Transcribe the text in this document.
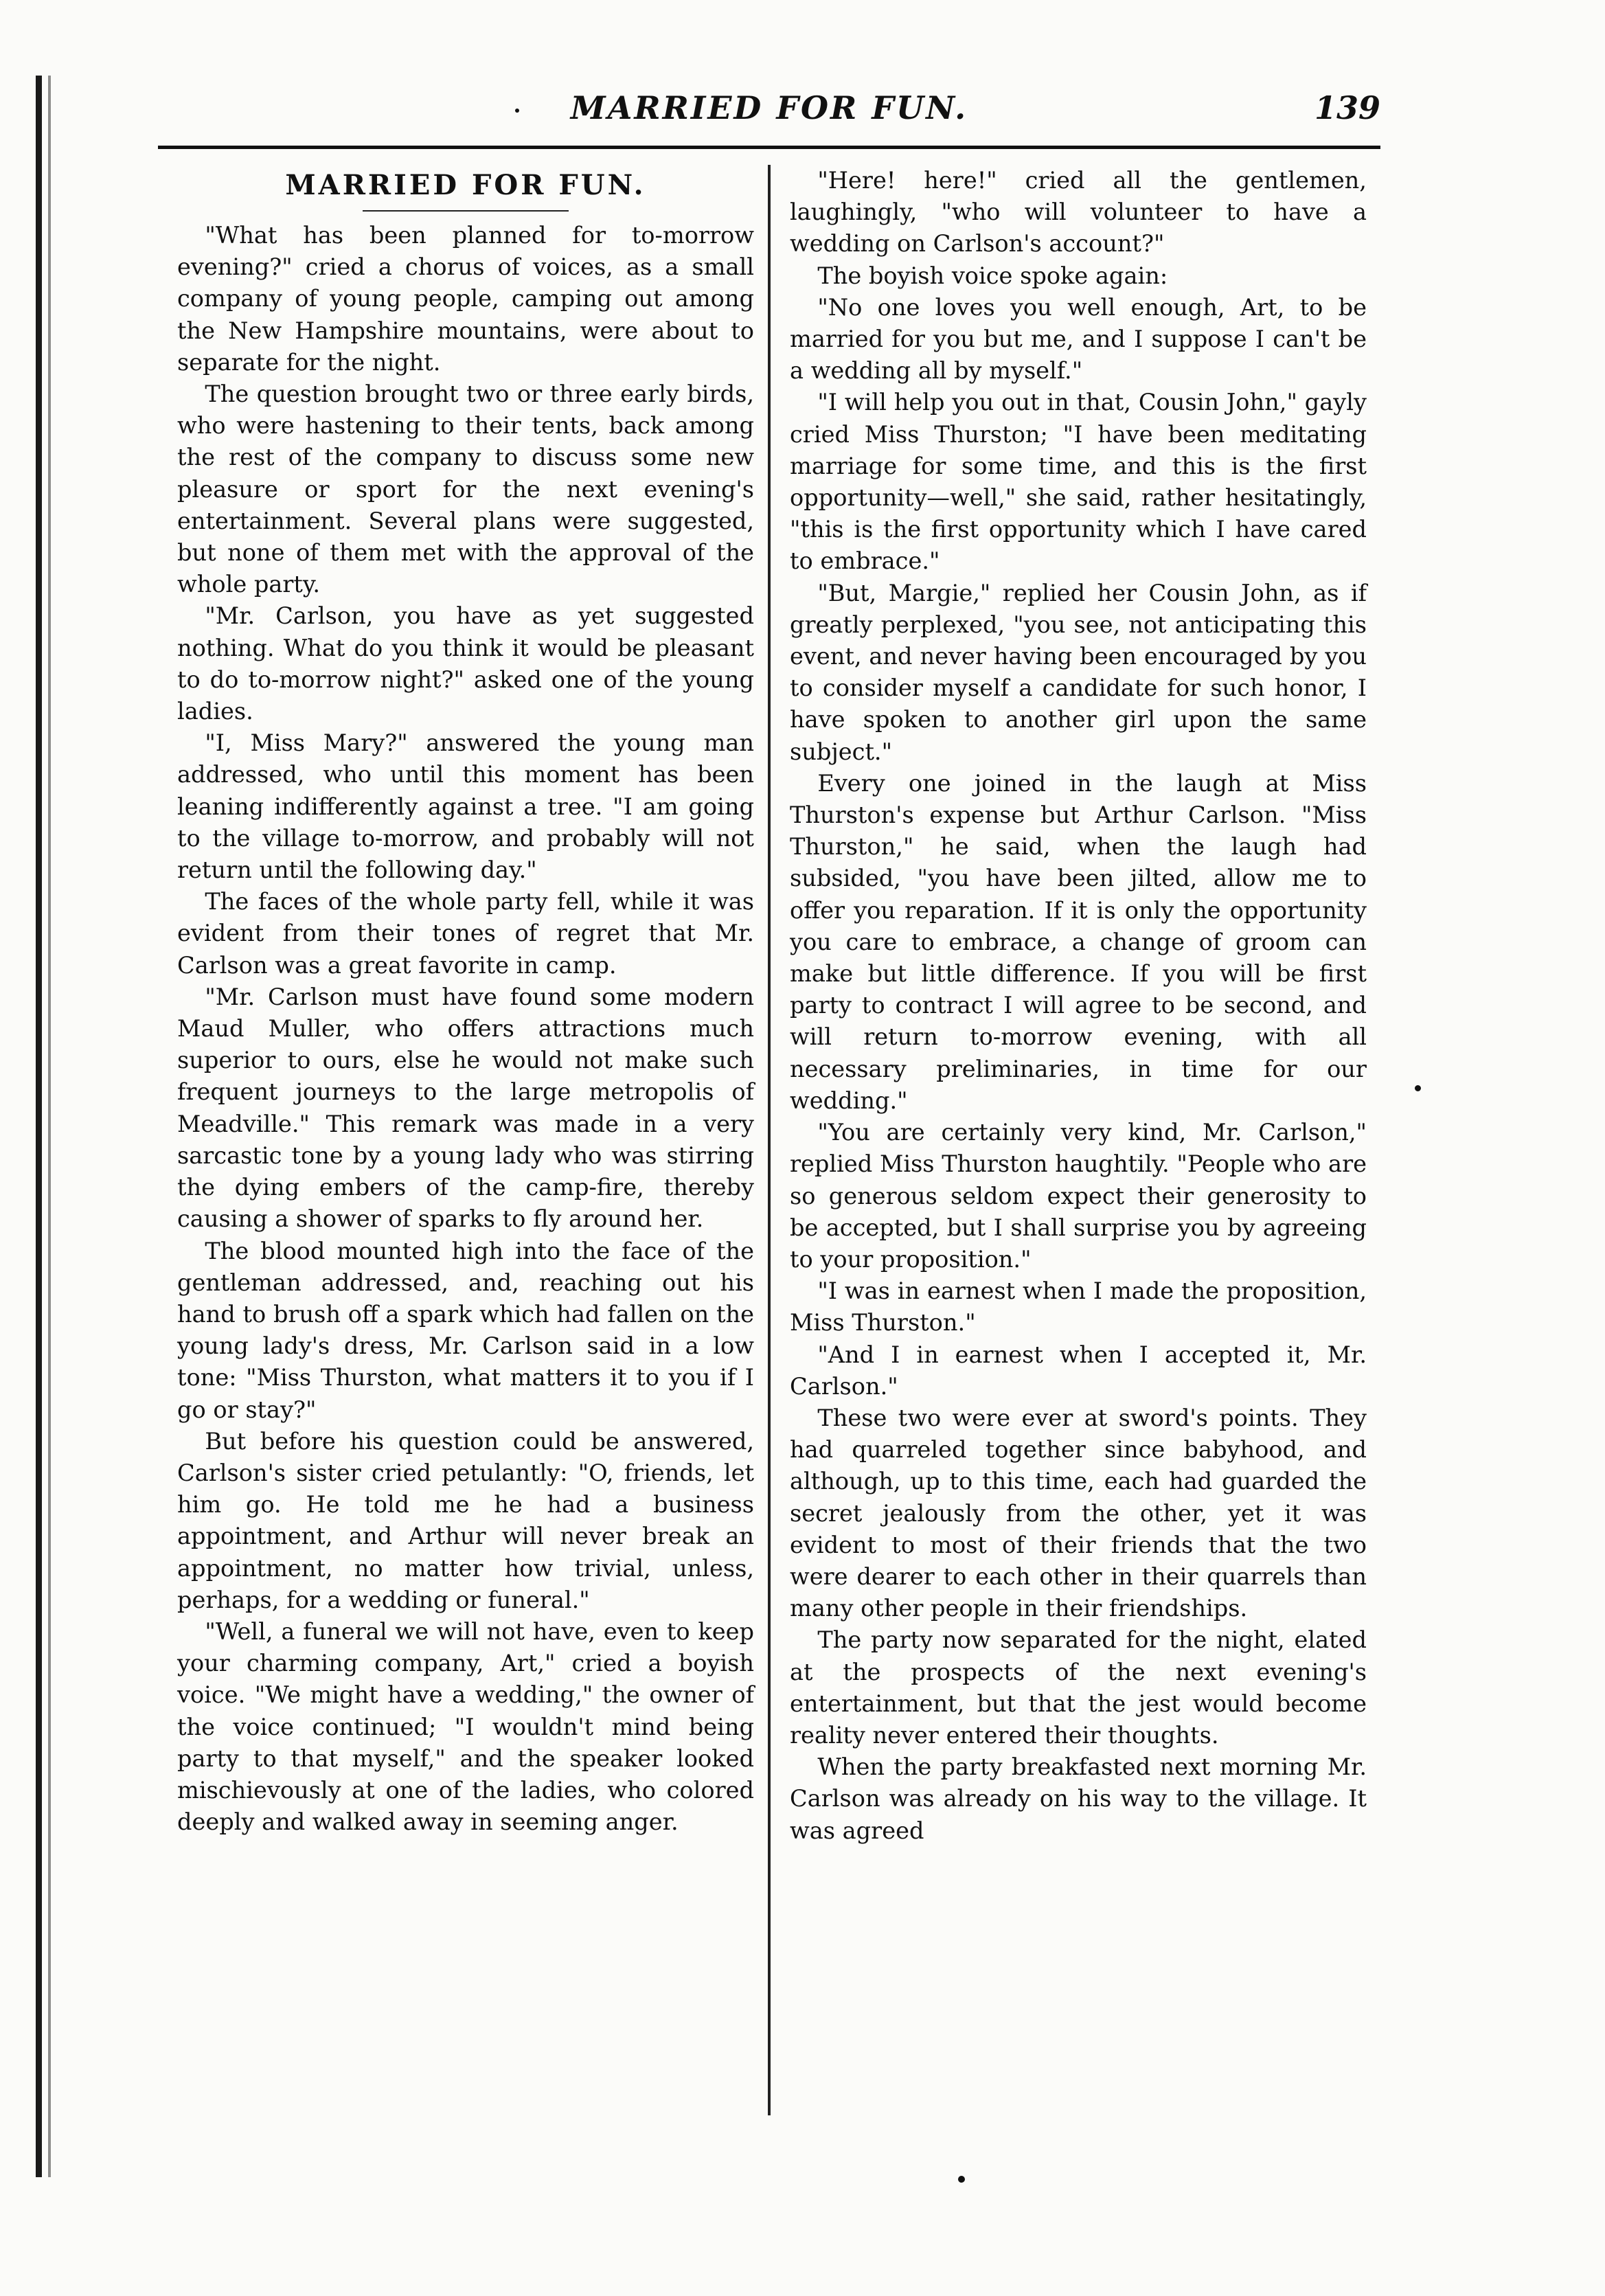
MARRIED FOR FUN.	139
MARRIED FOR FUN.

"What has been planned for to-morrow evening?" cried a chorus of voices, as a small company of young people, camping out among the New Hampshire mountains, were about to separate for the night.

The question brought two or three early birds, who were hastening to their tents, back among the rest of the company to discuss some new pleasure or sport for the next evening's entertainment. Several plans were suggested, but none of them met with the approval of the whole party.

"Mr. Carlson, you have as yet suggested nothing. What do you think it would be pleasant to do to-morrow night?" asked one of the young ladies.

"I, Miss Mary?" answered the young man addressed, who until this moment has been leaning indifferently against a tree. "I am going to the village to-morrow, and probably will not return until the following day."

The faces of the whole party fell, while it was evident from their tones of regret that Mr. Carlson was a great favorite in camp.

"Mr. Carlson must have found some modern Maud Muller, who offers attractions much superior to ours, else he would not make such frequent journeys to the large metropolis of Meadville." This remark was made in a very sarcastic tone by a young lady who was stirring the dying embers of the camp-fire, thereby causing a shower of sparks to fly around her.

The blood mounted high into the face of the gentleman addressed, and, reaching out his hand to brush off a spark which had fallen on the young lady's dress, Mr. Carlson said in a low tone: "Miss Thurston, what matters it to you if I go or stay?"

But before his question could be answered, Carlson's sister cried petulantly: "O, friends, let him go. He told me he had a business appointment, and Arthur will never break an appointment, no matter how trivial, unless, perhaps, for a wedding or funeral."

"Well, a funeral we will not have, even to keep your charming company, Art," cried a boyish voice. "We might have a wedding," the owner of the voice continued; "I wouldn't mind being party to that myself," and the speaker looked mischievously at one of the ladies, who colored deeply and walked away in seeming anger.

"Here! here!" cried all the gentlemen, laughingly, "who will volunteer to have a wedding on Carlson's account?"

The boyish voice spoke again:

"No one loves you well enough, Art, to be married for you but me, and I suppose I can't be a wedding all by myself."

"I will help you out in that, Cousin John," gayly cried Miss Thurston; "I have been meditating marriage for some time, and this is the first opportunity—well," she said, rather hesitatingly, "this is the first opportunity which I have cared to embrace."

"But, Margie," replied her Cousin John, as if greatly perplexed, "you see, not anticipating this event, and never having been encouraged by you to consider myself a candidate for such honor, I have spoken to another girl upon the same subject."

Every one joined in the laugh at Miss Thurston's expense but Arthur Carlson. "Miss Thurston," he said, when the laugh had subsided, "you have been jilted, allow me to offer you reparation. If it is only the opportunity you care to embrace, a change of groom can make but little difference. If you will be first party to contract I will agree to be second, and will return to-morrow evening, with all necessary preliminaries, in time for our wedding."

"You are certainly very kind, Mr. Carlson," replied Miss Thurston haughtily. "People who are so generous seldom expect their generosity to be accepted, but I shall surprise you by agreeing to your proposition."

"I was in earnest when I made the proposition, Miss Thurston."

"And I in earnest when I accepted it, Mr. Carlson."

These two were ever at sword's points. They had quarreled together since babyhood, and although, up to this time, each had guarded the secret jealously from the other, yet it was evident to most of their friends that the two were dearer to each other in their quarrels than many other people in their friendships.

The party now separated for the night, elated at the prospects of the next evening's entertainment, but that the jest would become reality never entered their thoughts.

When the party breakfasted next morning Mr. Carlson was already on his way to the village. It was agreed
